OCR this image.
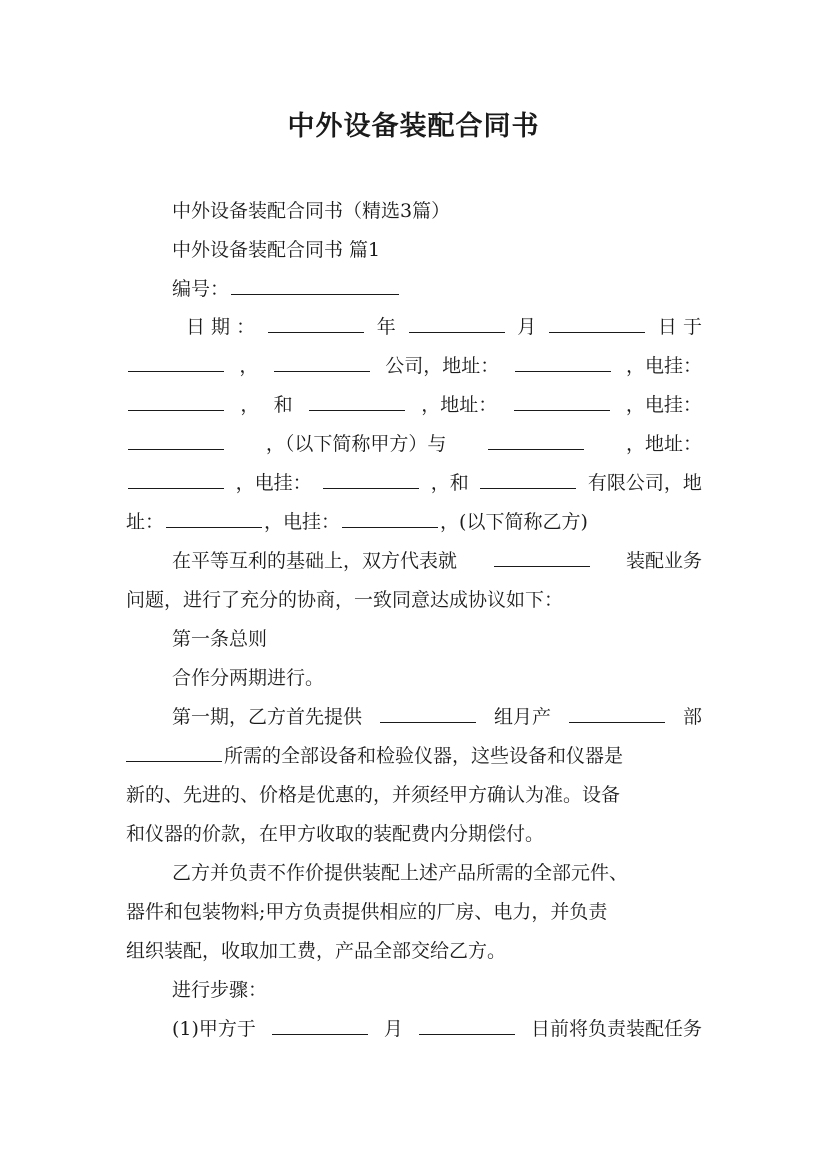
中外设备装配合同书
中外设备装配合同书（精选3篇）
中外设备装配合同书 篇1
编号：
日 期 ：	年	月	日 于
，	公司，地址：	，电挂：
， 和	，地址：	，电挂：
，（以下简称甲方）与	，地址：
，电挂：	，和	有限公司，地
址：	，电挂：	，(以下简称乙方)
在平等互利的基础上，双方代表就	装配业务
问题，进行了充分的协商，一致同意达成协议如下：
第一条总则
合作分两期进行。
第一期，乙方首先提供	组月产	部
所需的全部设备和检验仪器，这些设备和仪器是
新的、先进的、价格是优惠的，并须经甲方确认为准。设备
和仪器的价款，在甲方收取的装配费内分期偿付。
乙方并负责不作价提供装配上述产品所需的全部元件、
器件和包装物料;甲方负责提供相应的厂房、电力，并负责
组织装配，收取加工费，产品全部交给乙方。
进行步骤：
(1)甲方于	月	日前将负责装配任务
